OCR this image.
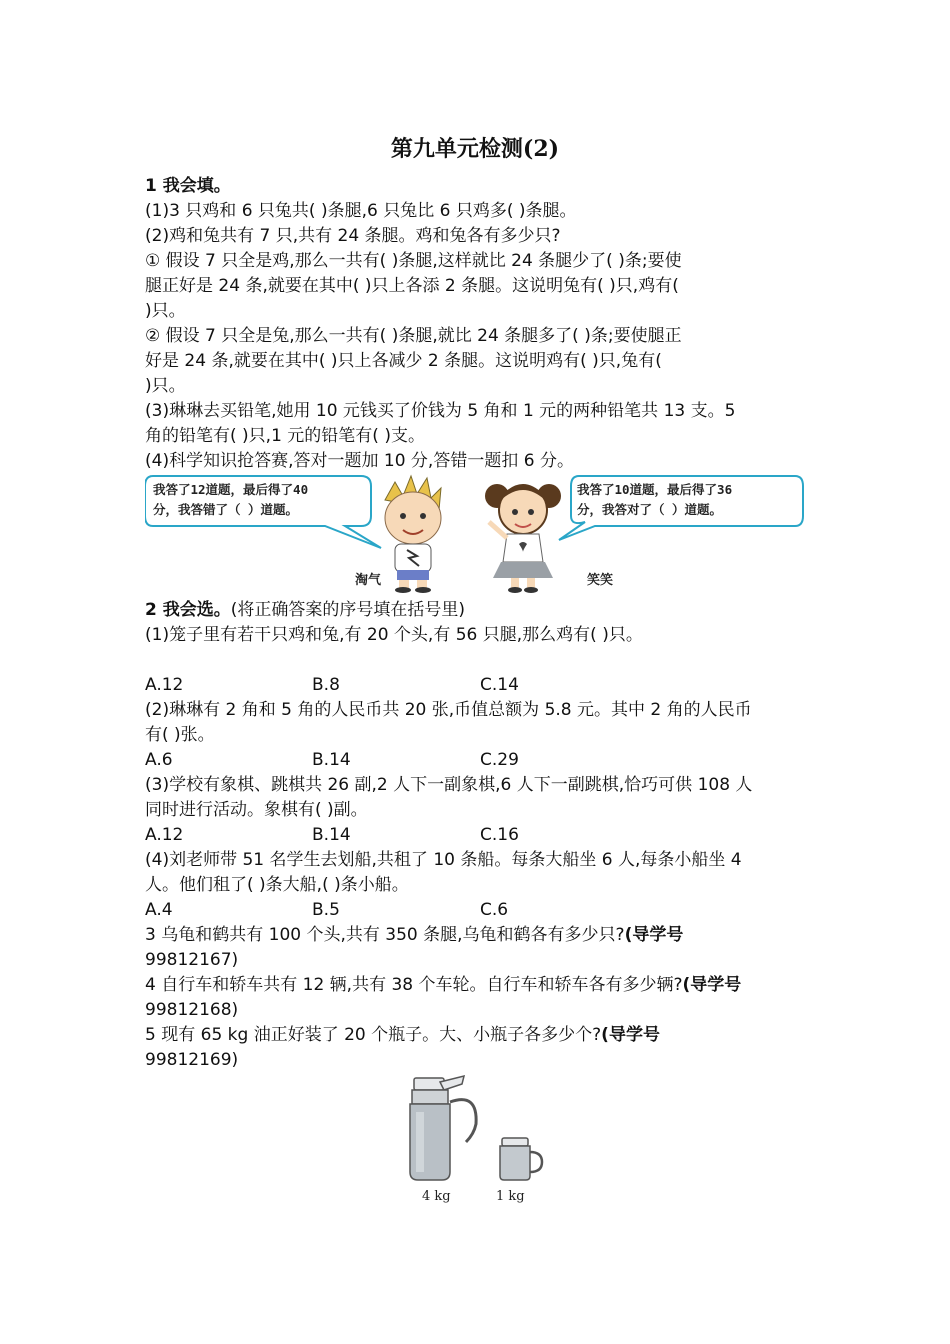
第九单元检测(2)
1 我会填。
(1)3 只鸡和 6 只兔共( )条腿,6 只兔比 6 只鸡多( )条腿。
(2)鸡和兔共有 7 只,共有 24 条腿。鸡和兔各有多少只?
① 假设 7 只全是鸡,那么一共有( )条腿,这样就比 24 条腿少了( )条;要使
腿正好是 24 条,就要在其中( )只上各添 2 条腿。这说明兔有( )只,鸡有(
)只。
② 假设 7 只全是兔,那么一共有( )条腿,就比 24 条腿多了( )条;要使腿正
好是 24 条,就要在其中( )只上各减少 2 条腿。这说明鸡有( )只,兔有(
)只。
(3)琳琳去买铅笔,她用 10 元钱买了价钱为 5 角和 1 元的两种铅笔共 13 支。5
角的铅笔有( )只,1 元的铅笔有( )支。
(4)科学知识抢答赛,答对一题加 10 分,答错一题扣 6 分。
我答了12道题，最后得了40
分，我答错了（ ）道题。
淘气	笑笑
我答了10道题，最后得了36
分，我答对了（ ）道题。
2 我会选。(将正确答案的序号填在括号里)
(1)笼子里有若干只鸡和兔,有 20 个头,有 56 只腿,那么鸡有( )只。
A.12	B.8	C.14
(2)琳琳有 2 角和 5 角的人民币共 20 张,币值总额为 5.8 元。其中 2 角的人民币
有( )张。
A.6	B.14	C.29
(3)学校有象棋、跳棋共 26 副,2 人下一副象棋,6 人下一副跳棋,恰巧可供 108 人
同时进行活动。象棋有( )副。
A.12	B.14	C.16
(4)刘老师带 51 名学生去划船,共租了 10 条船。每条大船坐 6 人,每条小船坐 4
人。他们租了( )条大船,( )条小船。
A.4	B.5	C.6
3 乌龟和鹤共有 100 个头,共有 350 条腿,乌龟和鹤各有多少只?(导学号
99812167)
4 自行车和轿车共有 12 辆,共有 38 个车轮。自行车和轿车各有多少辆?(导学号
99812168)
5 现有 65 kg 油正好装了 20 个瓶子。大、小瓶子各多少个?(导学号
99812169)
4 kg	1 kg
